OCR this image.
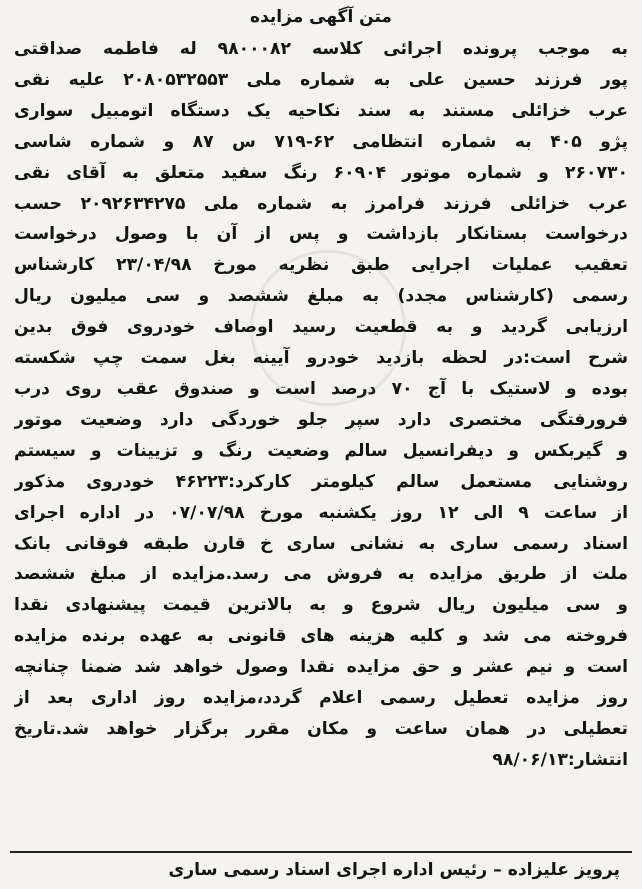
متن آگهی مزایده
به موجب پرونده اجرائی کلاسه ۹۸۰۰۰۸۲ له فاطمه صداقتی
پور فرزند حسین علی به شماره ملی ۲۰۸۰۵۳۲۵۵۳ علیه نقی
عرب خزائلی مستند به سند نکاحیه یک دستگاه اتومبیل سواری
پژو ۴۰۵ به شماره انتظامی ۶۲-۷۱۹ س ۸۷ و شماره شاسی
۲۶۰۷۳۰ و شماره موتور ۶۰۹۰۴ رنگ سفید متعلق به آقای نقی
عرب خزائلی فرزند فرامرز به شماره ملی ۲۰۹۲۶۳۴۲۷۵ حسب
درخواست بستانکار بازداشت و پس از آن با وصول درخواست
تعقیب عملیات اجرایی طبق نظریه مورخ ۲۳/۰۴/۹۸ کارشناس
رسمی (کارشناس مجدد) به مبلغ ششصد و سی میلیون ریال
ارزیابی گردید و به قطعیت رسید اوصاف خودروی فوق بدین
شرح است:در لحظه بازدید خودرو آیینه بغل سمت چپ شکسته
بوده و لاستیک با آج ۷۰ درصد است و صندوق عقب روی درب
فرورفتگی مختصری دارد سپر جلو خوردگی دارد وضعیت موتور
و گیربکس و دیفرانسیل سالم وضعیت رنگ و تزیینات و سیستم
روشنایی مستعمل سالم کیلومتر کارکرد:۴۶۲۲۳ خودروی مذکور
از ساعت ۹ الی ۱۲ روز یکشنبه مورخ ۰۷/۰۷/۹۸ در اداره اجرای
اسناد رسمی ساری به نشانی ساری خ قارن طبقه فوقانی بانک
ملت از طریق مزایده به فروش می رسد.مزایده از مبلغ ششصد
و سی میلیون ریال شروع و به بالاترین قیمت پیشنهادی نقدا
فروخته می شد و کلیه هزینه های قانونی به عهده برنده مزایده
است و نیم عشر و حق مزایده نقدا وصول خواهد شد ضمنا چنانچه
روز مزایده تعطیل رسمی اعلام گردد،مزایده روز اداری بعد از
تعطیلی در همان ساعت و مکان مقرر برگزار خواهد شد.تاریخ
انتشار:۹۸/۰۶/۱۳
پرویز علیزاده – رئیس اداره اجرای اسناد رسمی ساری
